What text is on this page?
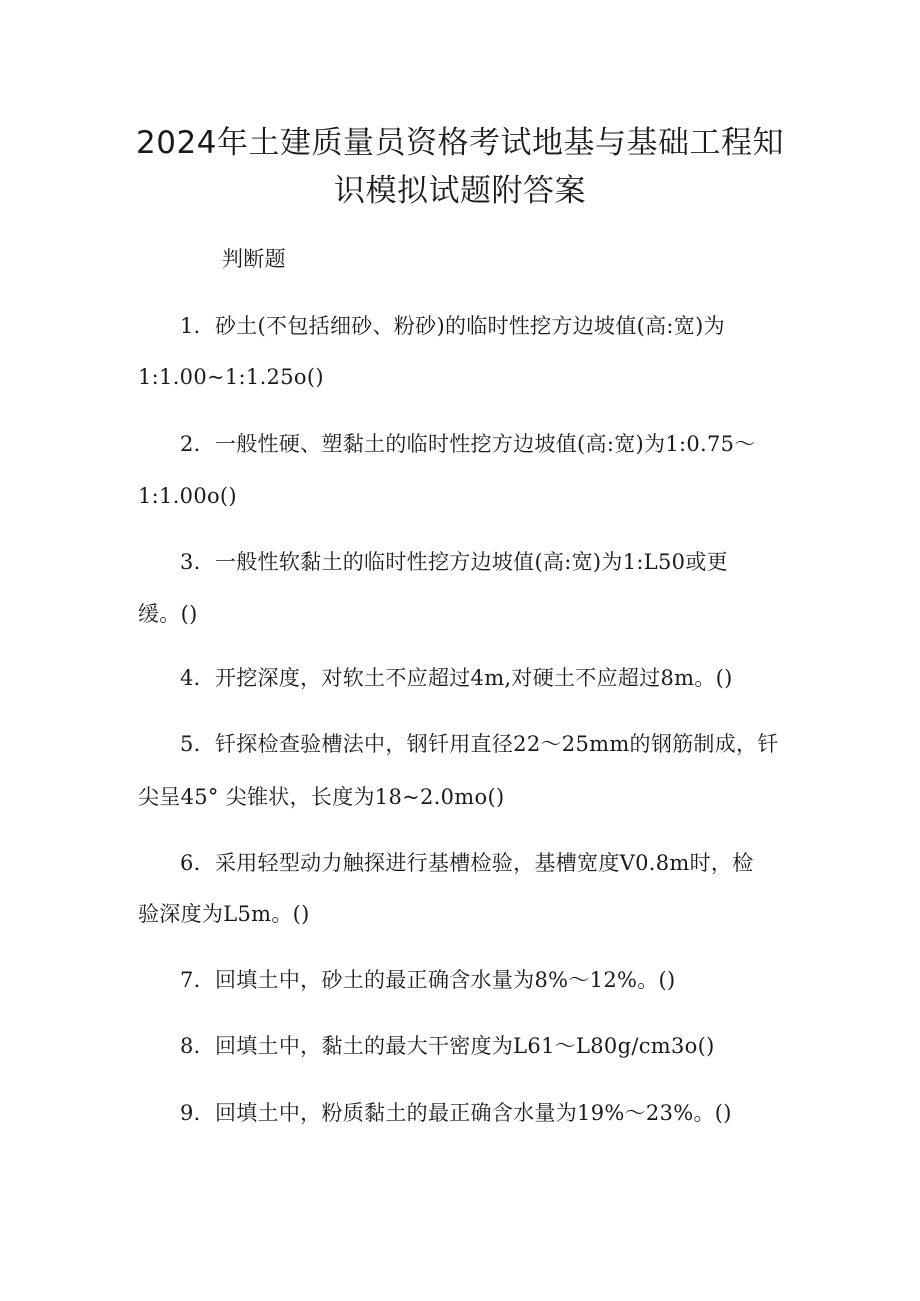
2024年土建质量员资格考试地基与基础工程知
识模拟试题附答案
判断题
1．砂土(不包括细砂、粉砂)的临时性挖方边坡值(高:宽)为
1:1.00~1:1.25o()
2．一般性硬、塑黏土的临时性挖方边坡值(高:宽)为1:0.75～
1:1.00o()
3．一般性软黏土的临时性挖方边坡值(高:宽)为1:L50或更
缓。()
4．开挖深度，对软土不应超过4m,对硬土不应超过8m。()
5．钎探检查验槽法中，钢钎用直径22～25mm的钢筋制成，钎
尖呈45° 尖锥状，长度为18~2.0mo()
6．采用轻型动力触探进行基槽检验，基槽宽度V0.8m时，检
验深度为L5m。()
7．回填土中，砂土的最正确含水量为8%～12%。()
8．回填土中，黏土的最大干密度为L61～L80g/cm3o()
9．回填土中，粉质黏土的最正确含水量为19%～23%。()
